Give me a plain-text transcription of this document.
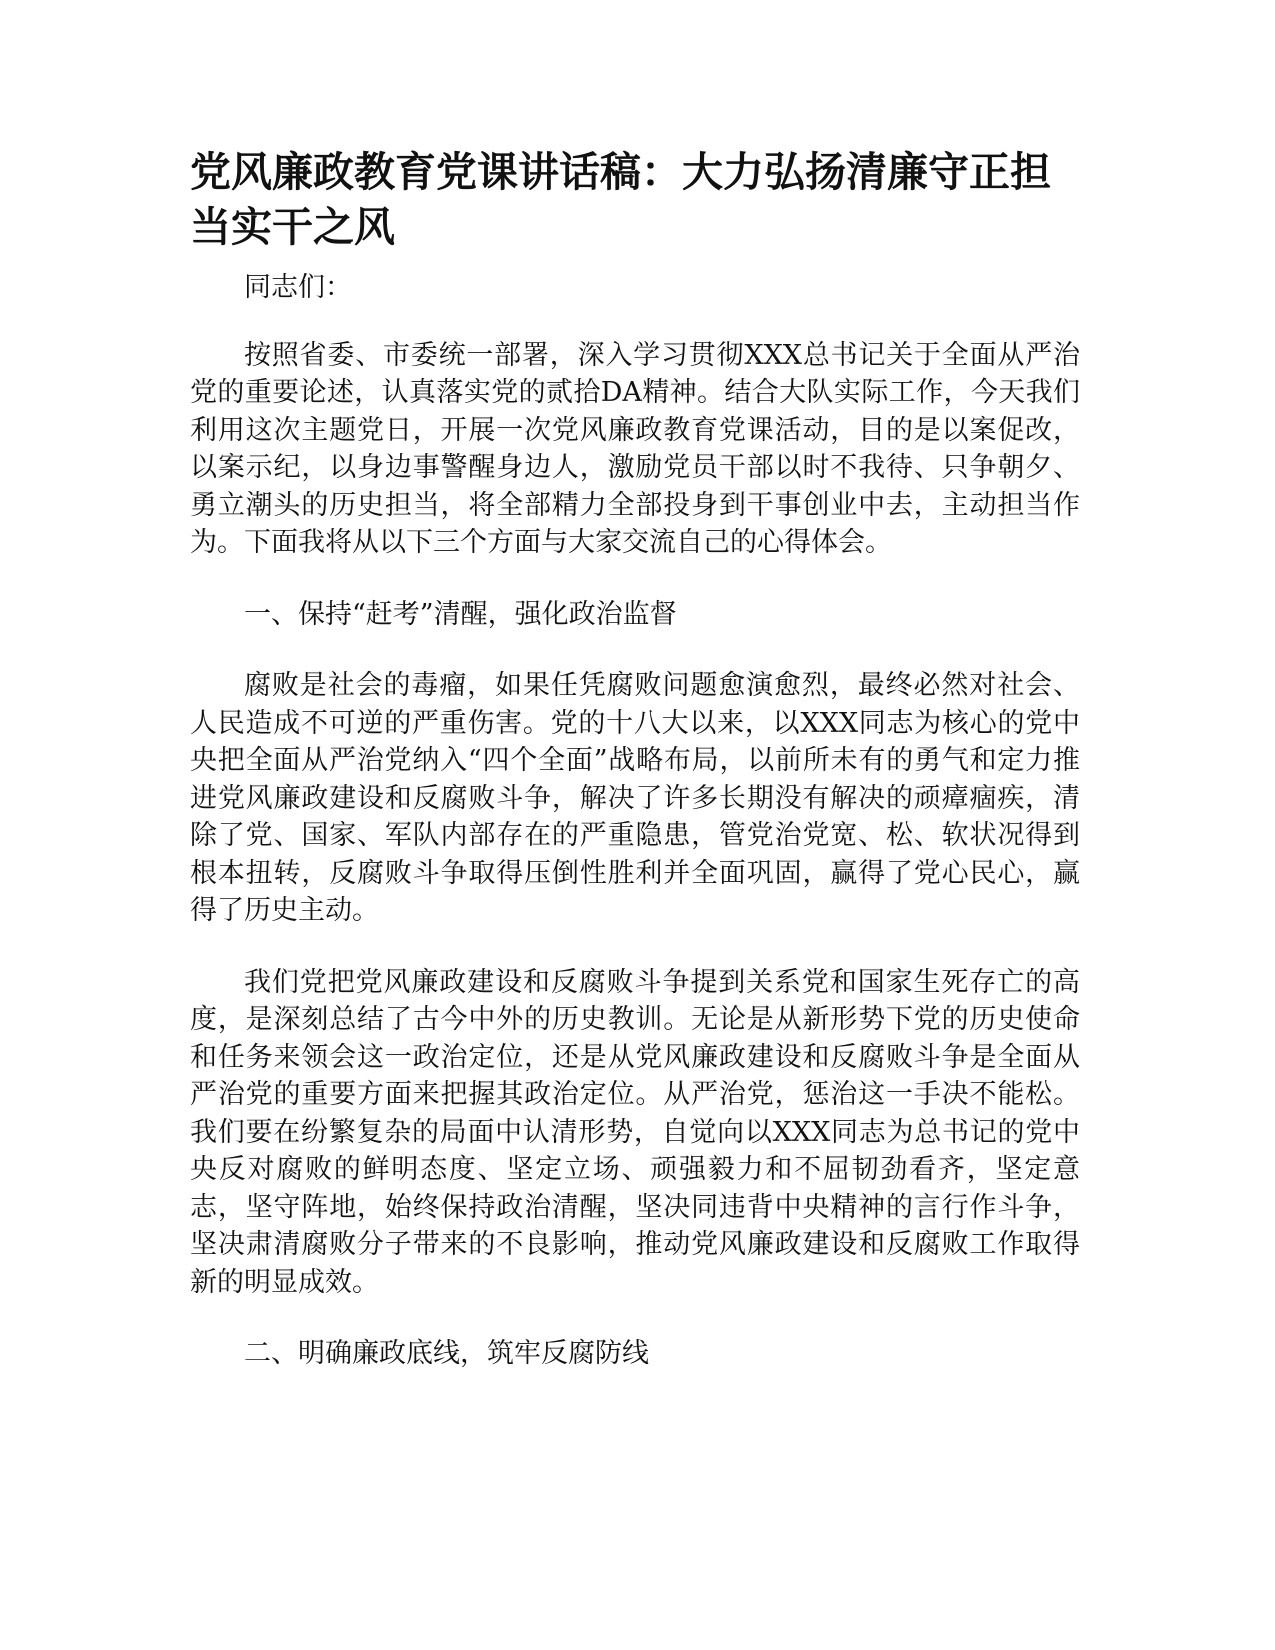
党风廉政教育党课讲话稿：大力弘扬清廉守正担当实干之风

同志们：

按照省委、市委统一部署，深入学习贯彻XXX总书记关于全面从严治党的重要论述，认真落实党的贰拾DA精神。结合大队实际工作，今天我们利用这次主题党日，开展一次党风廉政教育党课活动，目的是以案促改，以案示纪，以身边事警醒身边人，激励党员干部以时不我待、只争朝夕、勇立潮头的历史担当，将全部精力全部投身到干事创业中去，主动担当作为。下面我将从以下三个方面与大家交流自己的心得体会。

一、保持“赶考”清醒，强化政治监督

腐败是社会的毒瘤，如果任凭腐败问题愈演愈烈，最终必然对社会、人民造成不可逆的严重伤害。党的十八大以来，以XXX同志为核心的党中央把全面从严治党纳入“四个全面”战略布局，以前所未有的勇气和定力推进党风廉政建设和反腐败斗争，解决了许多长期没有解决的顽瘴痼疾，清除了党、国家、军队内部存在的严重隐患，管党治党宽、松、软状况得到根本扭转，反腐败斗争取得压倒性胜利并全面巩固，赢得了党心民心，赢得了历史主动。

我们党把党风廉政建设和反腐败斗争提到关系党和国家生死存亡的高度，是深刻总结了古今中外的历史教训。无论是从新形势下党的历史使命和任务来领会这一政治定位，还是从党风廉政建设和反腐败斗争是全面从严治党的重要方面来把握其政治定位。从严治党，惩治这一手决不能松。我们要在纷繁复杂的局面中认清形势，自觉向以XXX同志为总书记的党中央反对腐败的鲜明态度、坚定立场、顽强毅力和不屈韧劲看齐，坚定意志，坚守阵地，始终保持政治清醒，坚决同违背中央精神的言行作斗争，坚决肃清腐败分子带来的不良影响，推动党风廉政建设和反腐败工作取得新的明显成效。

二、明确廉政底线，筑牢反腐防线
